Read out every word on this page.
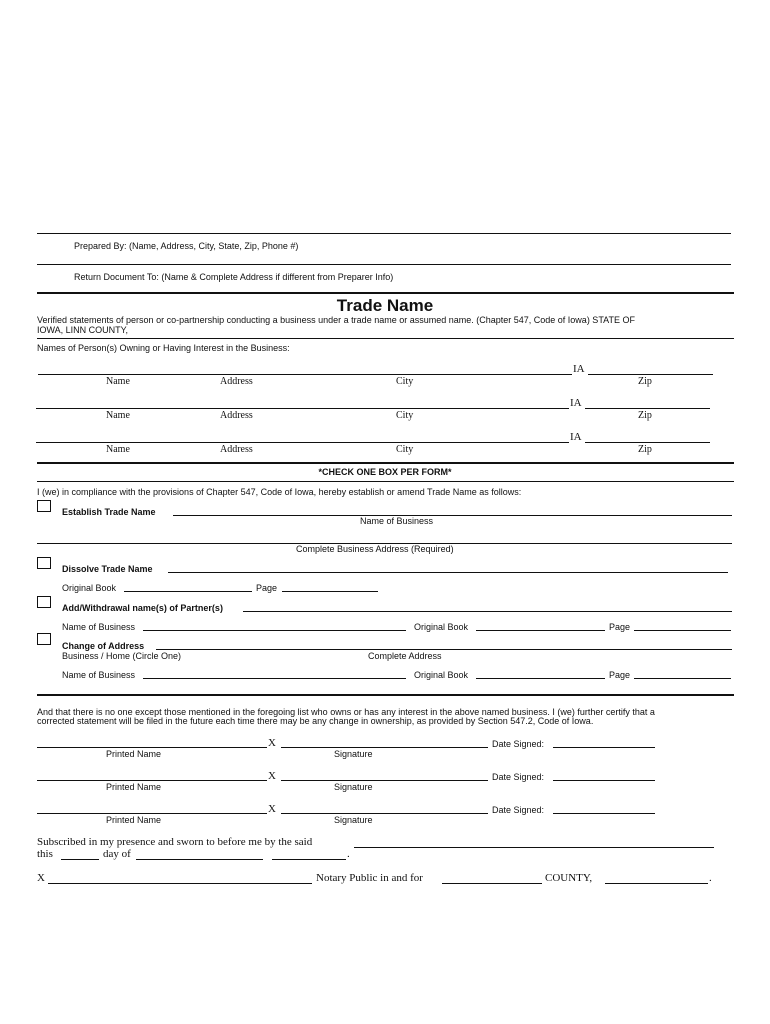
Prepared By: (Name, Address, City, State, Zip, Phone #)
Return Document To: (Name & Complete Address if different from Preparer Info)
Trade Name
Verified statements of person or co-partnership conducting a business under a trade name or assumed name. (Chapter 547, Code of Iowa) STATE OF
IOWA, LINN COUNTY,
Names of Person(s) Owning or Having Interest in the Business:
IA
Name	Address	City	Zip
IA
Name	Address	City	Zip
IA
Name	Address	City	Zip
*CHECK ONE BOX PER FORM*
I (we) in compliance with the provisions of Chapter 547, Code of Iowa, hereby establish or amend Trade Name as follows:
Establish Trade Name
Name of Business
Complete Business Address (Required)
Dissolve Trade Name
Original Book	Page
Add/Withdrawal name(s) of Partner(s)
Name of Business	Original Book	Page
Change of Address
Business / Home (Circle One)	Complete Address
Name of Business	Original Book	Page
And that there is no one except those mentioned in the foregoing list who owns or has any interest in the above named business. I (we) further certify that a
corrected statement will be filed in the future each time there may be any change in ownership, as provided by Section 547.2, Code of Iowa.
X	Date Signed:
Printed Name	Signature
X	Date Signed:
Printed Name	Signature
X	Date Signed:
Printed Name	Signature
Subscribed in my presence and sworn to before me by the said
this	day of	.
X	Notary Public in and for	COUNTY,	.
